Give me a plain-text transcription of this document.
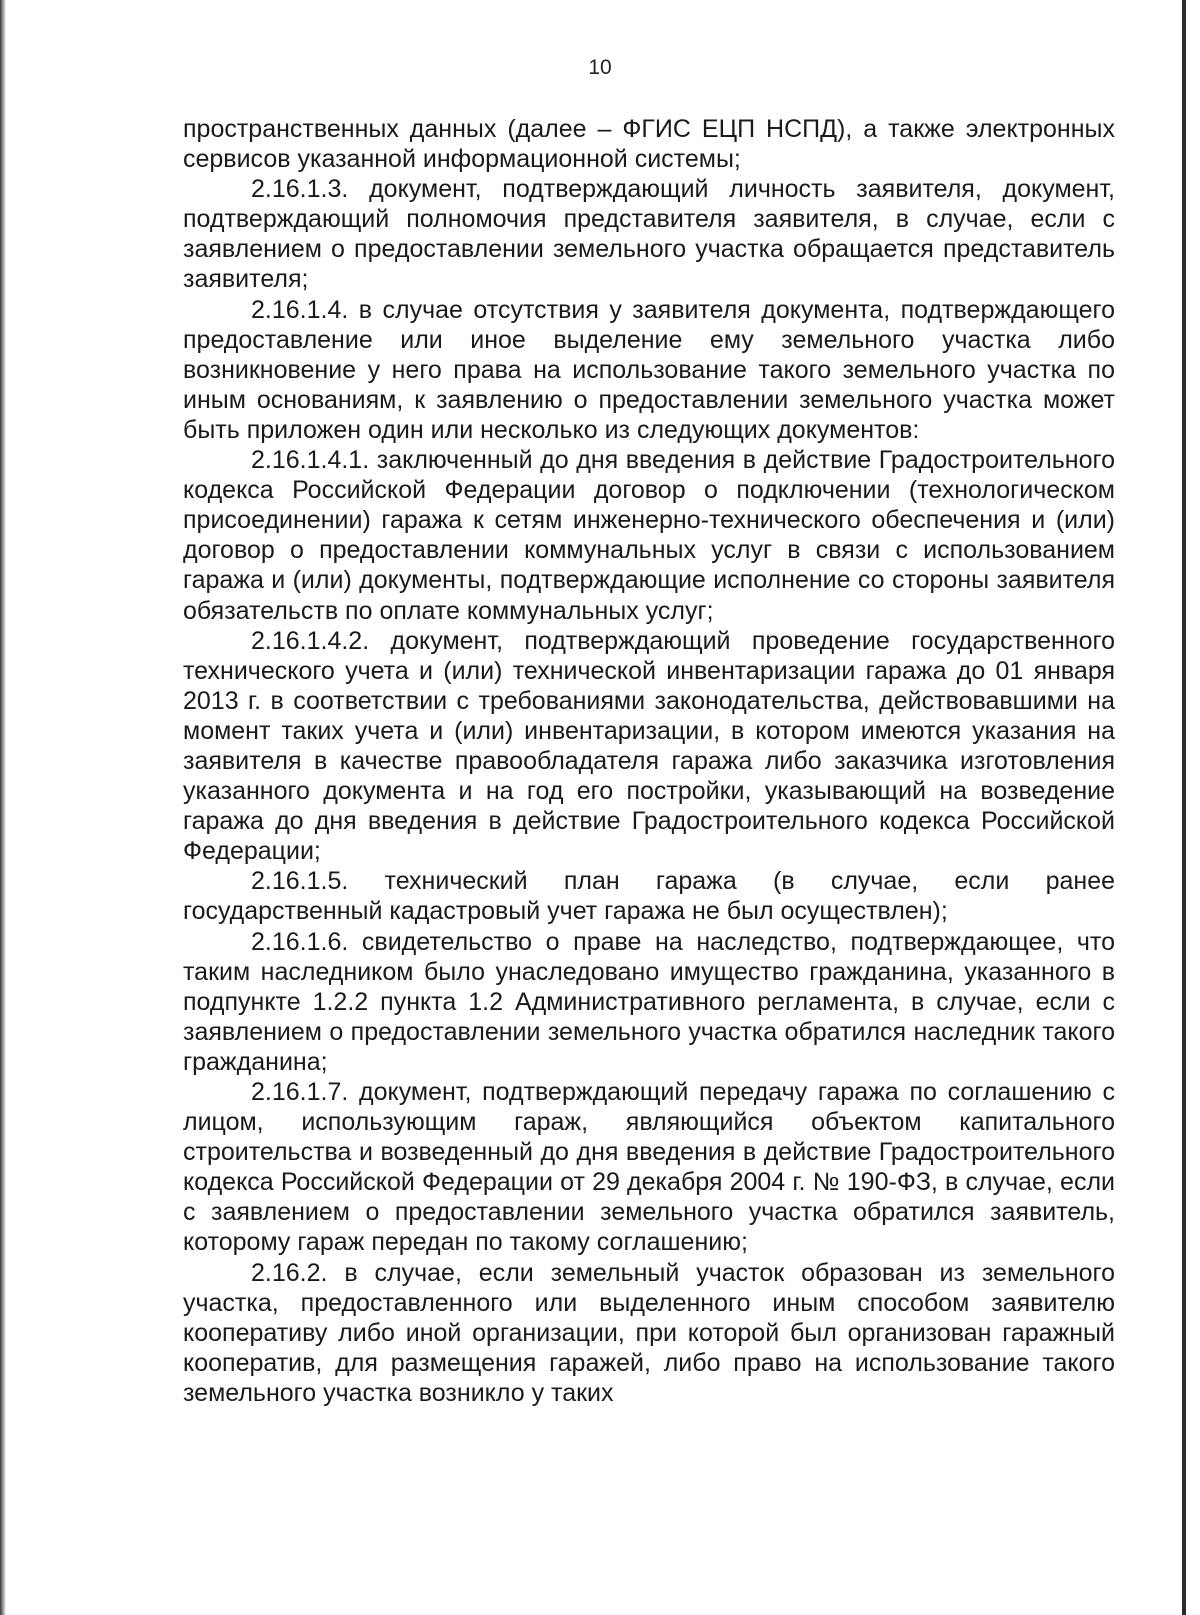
10

пространственных данных (далее – ФГИС ЕЦП НСПД), а также электронных сервисов указанной информационной системы;

2.16.1.3. документ, подтверждающий личность заявителя, документ, подтверждающий полномочия представителя заявителя, в случае, если с заявлением о предоставлении земельного участка обращается представитель заявителя;

2.16.1.4. в случае отсутствия у заявителя документа, подтверждающего предоставление или иное выделение ему земельного участка либо возникновение у него права на использование такого земельного участка по иным основаниям, к заявлению о предоставлении земельного участка может быть приложен один или несколько из следующих документов:

2.16.1.4.1. заключенный до дня введения в действие Градостроительного кодекса Российской Федерации договор о подключении (технологическом присоединении) гаража к сетям инженерно-технического обеспечения и (или) договор о предоставлении коммунальных услуг в связи с использованием гаража и (или) документы, подтверждающие исполнение со стороны заявителя обязательств по оплате коммунальных услуг;

2.16.1.4.2. документ, подтверждающий проведение государственного технического учета и (или) технической инвентаризации гаража до 01 января 2013 г. в соответствии с требованиями законодательства, действовавшими на момент таких учета и (или) инвентаризации, в котором имеются указания на заявителя в качестве правообладателя гаража либо заказчика изготовления указанного документа и на год его постройки, указывающий на возведение гаража до дня введения в действие Градостроительного кодекса Российской Федерации;

2.16.1.5. технический план гаража (в случае, если ранее государственный кадастровый учет гаража не был осуществлен);

2.16.1.6. свидетельство о праве на наследство, подтверждающее, что таким наследником было унаследовано имущество гражданина, указанного в подпункте 1.2.2 пункта 1.2 Административного регламента, в случае, если с заявлением о предоставлении земельного участка обратился наследник такого гражданина;

2.16.1.7. документ, подтверждающий передачу гаража по соглашению с лицом, использующим гараж, являющийся объектом капитального строительства и возведенный до дня введения в действие Градостроительного кодекса Российской Федерации от 29 декабря 2004 г. № 190-ФЗ, в случае, если с заявлением о предоставлении земельного участка обратился заявитель, которому гараж передан по такому соглашению;

2.16.2. в случае, если земельный участок образован из земельного участка, предоставленного или выделенного иным способом заявителю кооперативу либо иной организации, при которой был организован гаражный кооператив, для размещения гаражей, либо право на использование такого земельного участка возникло у таких
